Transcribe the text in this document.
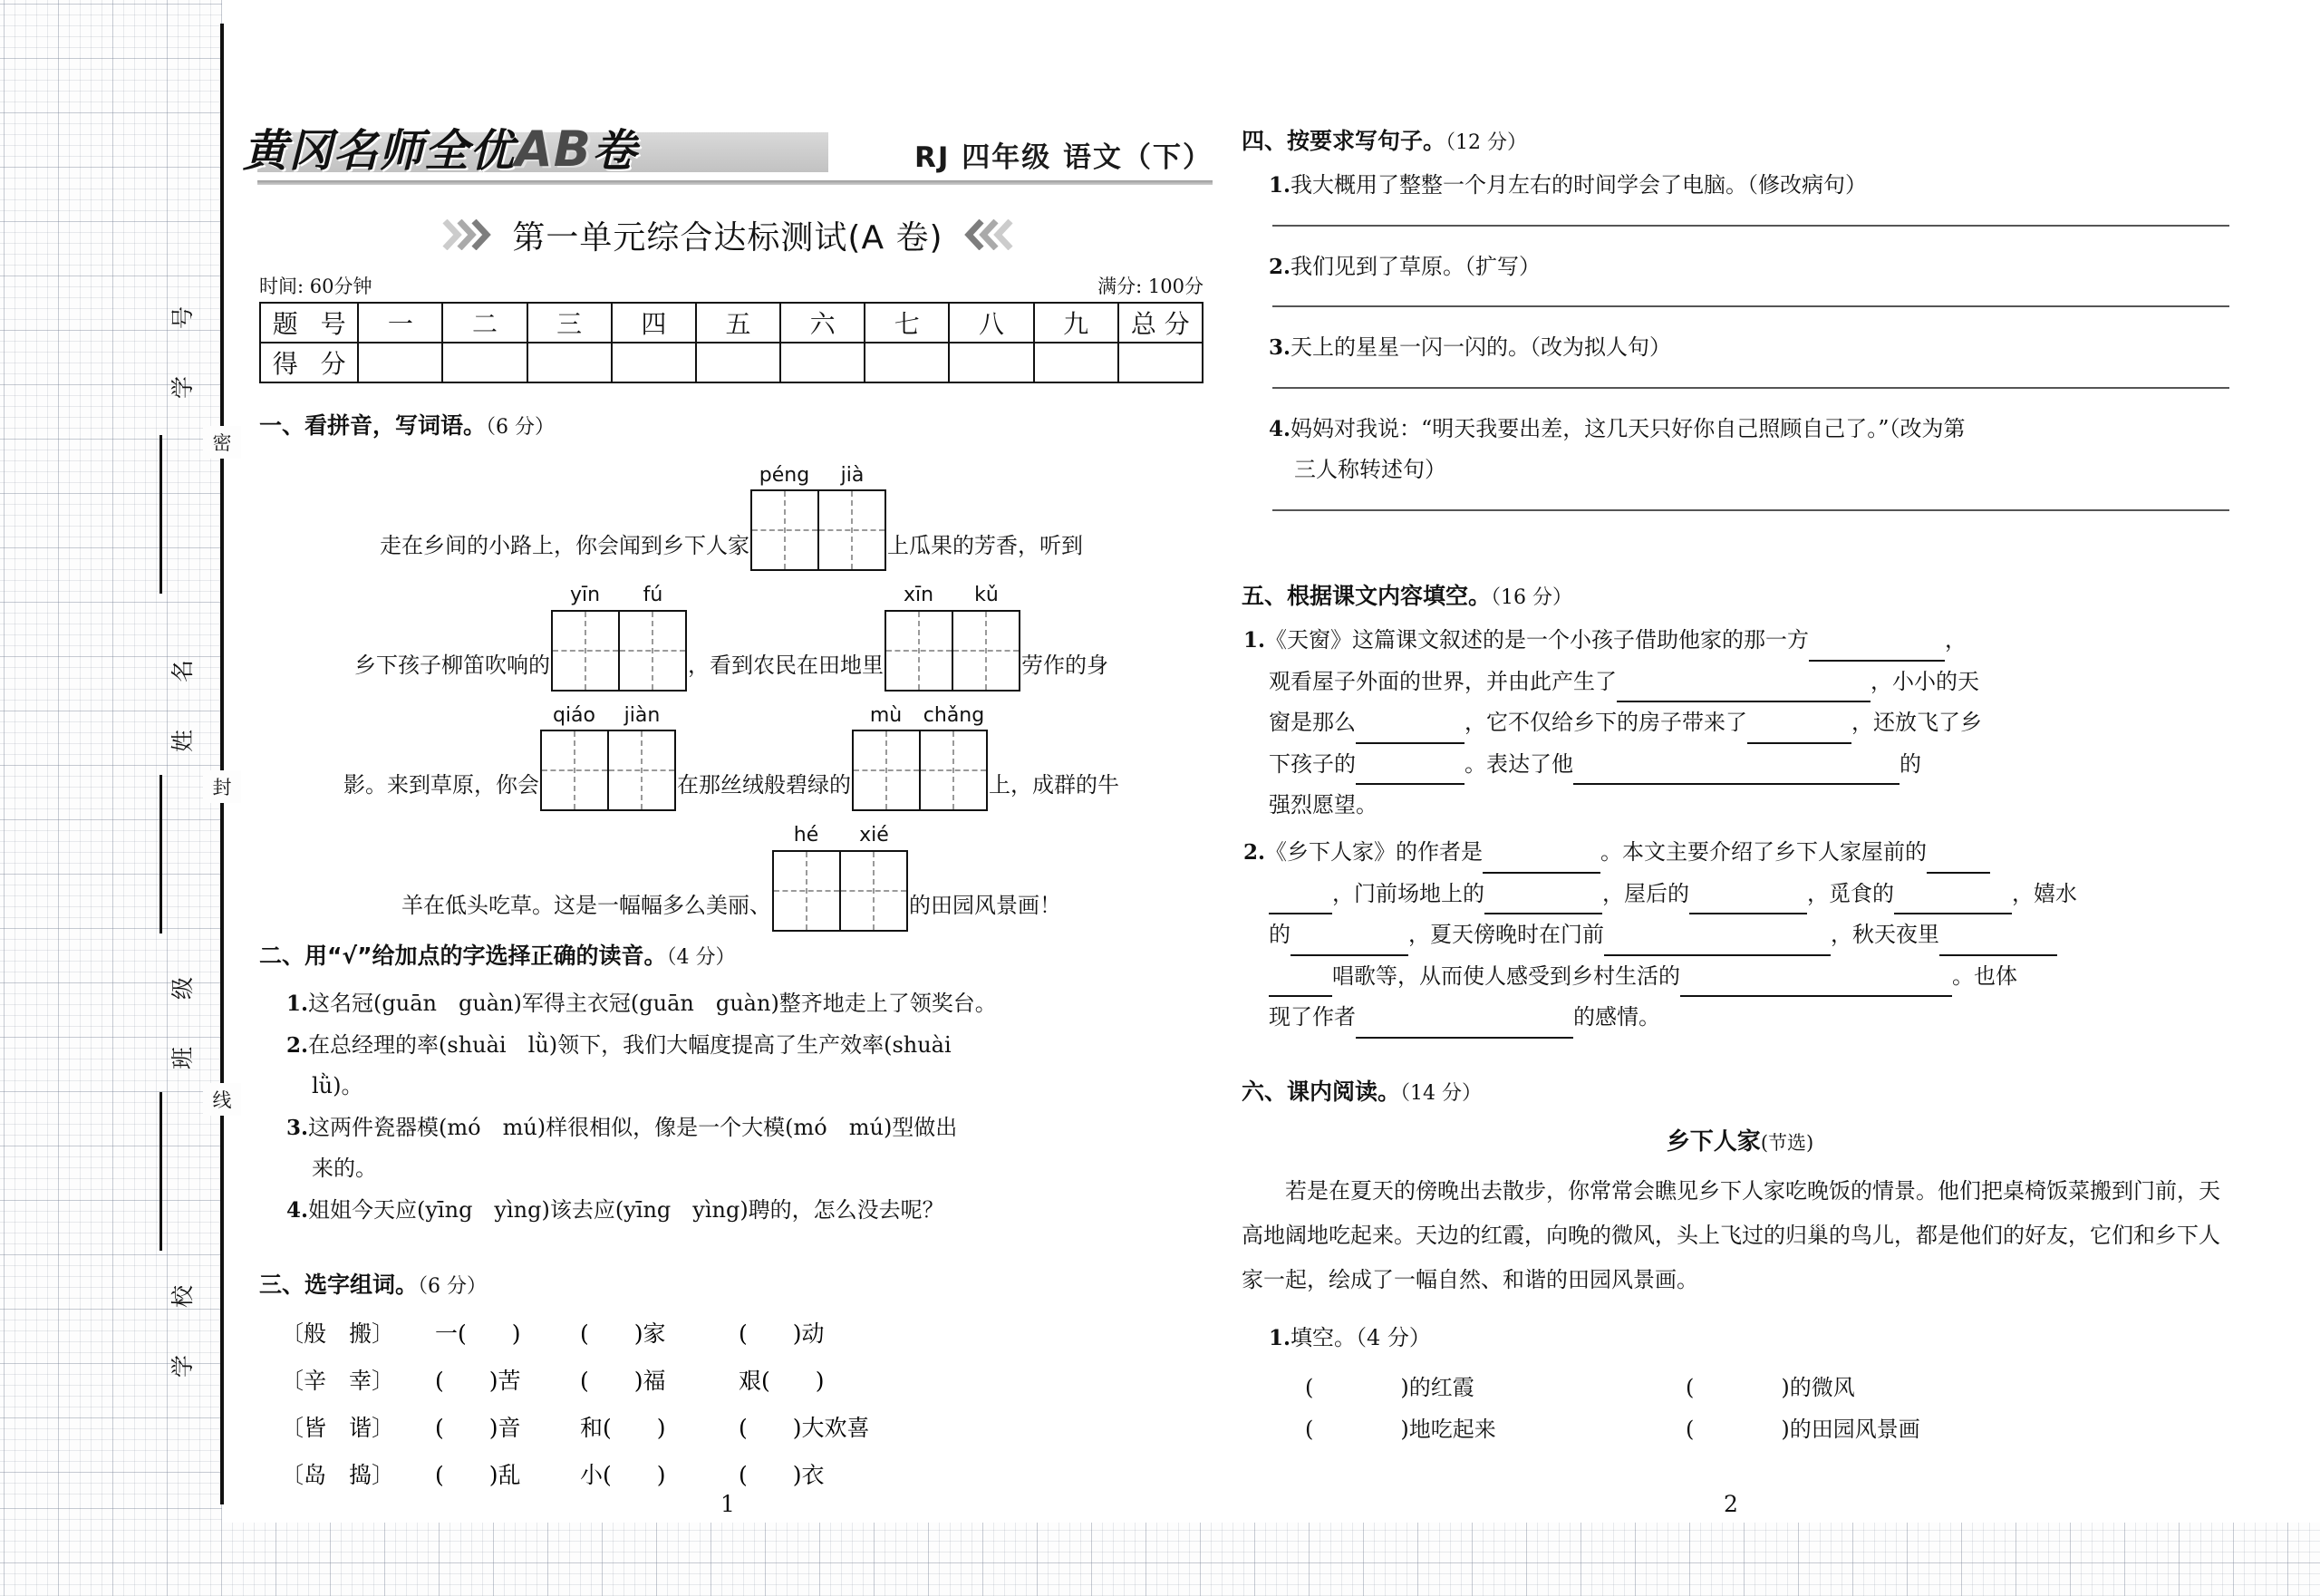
密
封
线
学 号
姓 名
班 级
学 校
黄冈名师全优AB卷	RJ 四年级 语文（下）
第一单元综合达标测试(A 卷)
时间: 60分钟	满分: 100分
题 号	一	二	三	四	五	六	七	八	九	总 分
得 分										
一、看拼音，写词语。（6 分）
走在乡间的小路上，你会闻到乡下人家
péng	jià
上瓜果的芳香，听到
乡下孩子柳笛吹响的
yīn	fú
，看到农民在田地里
xīn	kǔ
劳作的身
影。来到草原，你会
qiáo	jiàn
在那丝绒般碧绿的
mù	chǎng
上，成群的牛
羊在低头吃草。这是一幅幅多么美丽、
hé	xié
的田园风景画！
二、用“√”给加点的字选择正确的读音。（4 分）
1.这名冠(guān　guàn)军得主衣冠(guān　guàn)整齐地走上了领奖台。
2.在总经理的率(shuài　lǜ)领下，我们大幅度提高了生产效率(shuài
lǜ)。
3.这两件瓷器模(mó　mú)样很相似，像是一个大模(mó　mú)型做出
来的。
4.姐姐今天应(yīng　yìng)该去应(yīng　yìng)聘的，怎么没去呢？
三、选字组词。（6 分）
〔般　搬〕	一(　　)	(　　)家	(　　)动
〔辛　幸〕	(　　)苦	(　　)福	艰(　　)
〔皆　谐〕	(　　)音	和(　　)	(　　)大欢喜
〔岛　捣〕	(　　)乱	小(　　)	(　　)衣
1
四、按要求写句子。（12 分）
1.我大概用了整整一个月左右的时间学会了电脑。（修改病句）
2.我们见到了草原。（扩写）
3.天上的星星一闪一闪的。（改为拟人句）
4.妈妈对我说：“明天我要出差，这几天只好你自己照顾自己了。”（改为第
三人称转述句）
五、根据课文内容填空。（16 分）
1.《天窗》这篇课文叙述的是一个小孩子借助他家的那一方	，
观看屋子外面的世界，并由此产生了	，小小的天
窗是那么	，它不仅给乡下的房子带来了	，还放飞了乡
下孩子的	。表达了他	的
强烈愿望。
2.《乡下人家》的作者是	。本文主要介绍了乡下人家屋前的
，门前场地上的	，屋后的	，觅食的	，嬉水
的	，夏天傍晚时在门前	，秋天夜里
唱歌等，从而使人感受到乡村生活的	。也体
现了作者	的感情。
六、课内阅读。（14 分）
乡下人家(节选)
若是在夏天的傍晚出去散步，你常常会瞧见乡下人家吃晚饭的情景。他们把桌椅饭菜搬到门前，天高地阔地吃起来。天边的红霞，向晚的微风，头上飞过的归巢的鸟儿，都是他们的好友，它们和乡下人家一起，绘成了一幅自然、和谐的田园风景画。
1.填空。（4 分）
(　　　　)的红霞	(　　　　)的微风
(　　　　)地吃起来	(　　　　)的田园风景画
2
